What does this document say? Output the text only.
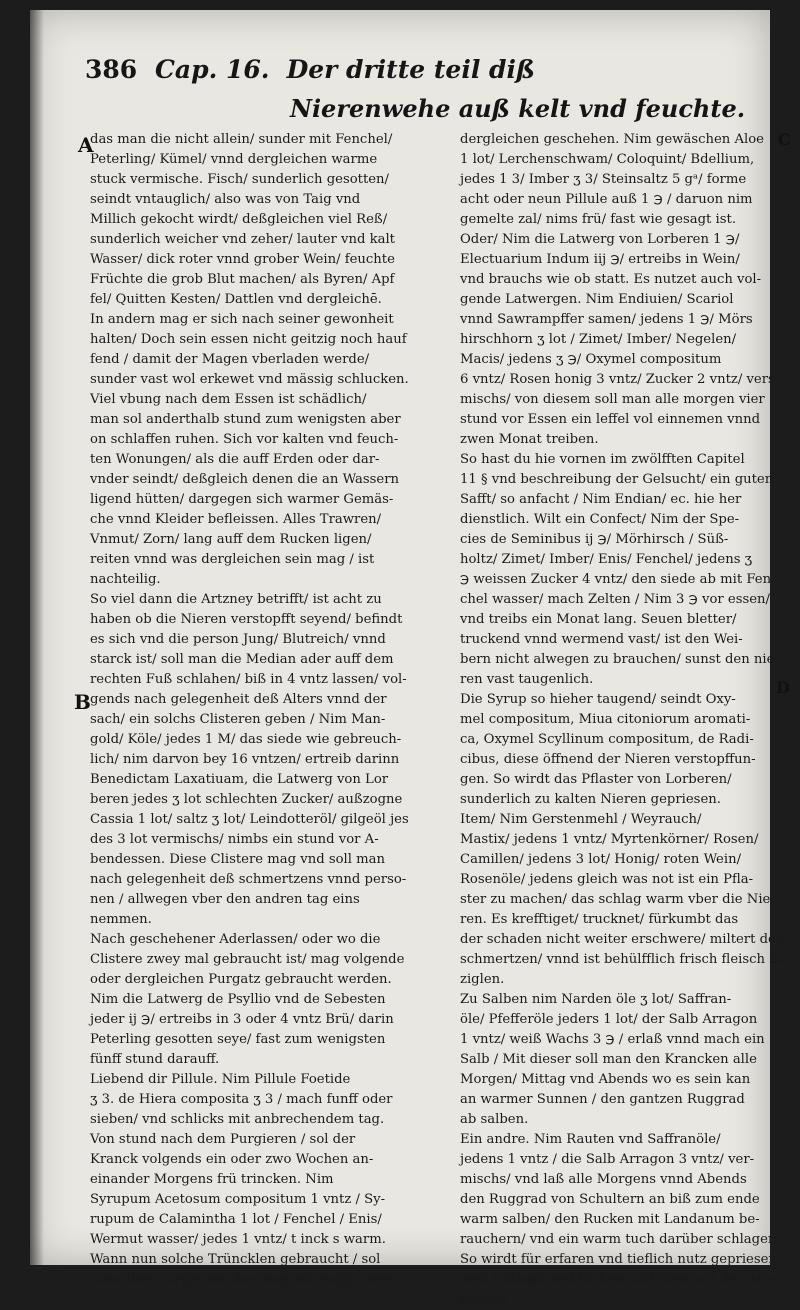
386 Cap. 16. Der dritte teil diß
Nierenwehe auß kelt vnd feuchte.
A
B
C
D
das man die nicht allein/ sunder mit Fenchel/
Peterling/ Kümel/ vnnd dergleichen warme
stuck vermische. Fisch/ sunderlich gesotten/
seindt vntauglich/ also was von Taig vnd
Millich gekocht wirdt/ deßgleichen viel Reß/
sunderlich weicher vnd zeher/ lauter vnd kalt
Wasser/ dick roter vnnd grober Wein/ feuchte
Früchte die grob Blut machen/ als Byren/ Apf
fel/ Quitten Kesten/ Dattlen vnd dergleichē.
In andern mag er sich nach seiner gewonheit
halten/ Doch sein essen nicht geitzig noch hauf
fend / damit der Magen vberladen werde/
sunder vast wol erkewet vnd mässig schlucken.
Viel vbung nach dem Essen ist schädlich/
man sol anderthalb stund zum wenigsten aber
on schlaffen ruhen. Sich vor kalten vnd feuch-
ten Wonungen/ als die auff Erden oder dar-
vnder seindt/ deßgleich denen die an Wassern
ligend hütten/ dargegen sich warmer Gemäs-
che vnnd Kleider befleissen. Alles Trawren/
Vnmut/ Zorn/ lang auff dem Rucken ligen/
reiten vnnd was dergleichen sein mag / ist
nachteilig.
So viel dann die Artzney betrifft/ ist acht zu
haben ob die Nieren verstopfft seyend/ befindt
es sich vnd die person Jung/ Blutreich/ vnnd
starck ist/ soll man die Median ader auff dem
rechten Fuß schlahen/ biß in 4 vntz lassen/ vol-
gends nach gelegenheit deß Alters vnnd der
sach/ ein solchs Clisteren geben / Nim Man-
gold/ Köle/ jedes 1 M/ das siede wie gebreuch-
lich/ nim darvon bey 16 vntzen/ ertreib darinn
Benedictam Laxatiuam, die Latwerg von Lor
beren jedes ʒ lot schlechten Zucker/ außzogne
Cassia 1 lot/ saltz ʒ lot/ Leindotteröl/ gilgeöl jes
des 3 lot vermischs/ nimbs ein stund vor A-
bendessen. Diese Clistere mag vnd soll man
nach gelegenheit deß schmertzens vnnd perso-
nen / allwegen vber den andren tag eins
nemmen.
Nach geschehener Aderlassen/ oder wo die
Clistere zwey mal gebraucht ist/ mag volgende
oder dergleichen Purgatz gebraucht werden.
Nim die Latwerg de Psyllio vnd de Sebesten
jeder ij ℈/ ertreibs in 3 oder 4 vntz Brü/ darin
Peterling gesotten seye/ fast zum wenigsten
fünff stund darauff.
Liebend dir Pillule. Nim Pillule Foetide
ʒ 3. de Hiera composita ʒ 3 / mach funff oder
sieben/ vnd schlicks mit anbrechendem tag.
Von stund nach dem Purgieren / sol der
Kranck volgends ein oder zwo Wochen an-
einander Morgens frü trincken. Nim
Syrupum Acetosum compositum 1 vntz / Sy-
rupum de Calamintha 1 lot / Fenchel / Enis/
Wermut wasser/ jedes 1 vntz/ t inck s warm.
Wann nun solche Trüncklen gebraucht / sol
man aber purgieren/ das mag wie volgt/ oder
dergleichen geschehen. Nim gewäschen Aloe
1 lot/ Lerchenschwam/ Coloquint/ Bdellium,
jedes 1 3/ Imber ʒ 3/ Steinsaltz 5 gᵃ/ forme
acht oder neun Pillule auß 1 ℈ / daruon nim
gemelte zal/ nims frü/ fast wie gesagt ist.
Oder/ Nim die Latwerg von Lorberen 1 ℈/
Electuarium Indum iij ℈/ ertreibs in Wein/
vnd brauchs wie ob statt. Es nutzet auch vol-
gende Latwergen. Nim Endiuien/ Scariol
vnnd Sawrampffer samen/ jedens 1 ℈/ Mörs
hirschhorn ʒ lot / Zimet/ Imber/ Negelen/
Macis/ jedens ʒ ℈/ Oxymel compositum
6 vntz/ Rosen honig 3 vntz/ Zucker 2 vntz/ vers
mischs/ von diesem soll man alle morgen vier
stund vor Essen ein leffel vol einnemen vnnd
zwen Monat treiben.
So hast du hie vornen im zwölfften Capitel
11 § vnd beschreibung der Gelsucht/ ein guten
Safft/ so anfacht / Nim Endian/ ec. hie her
dienstlich. Wilt ein Confect/ Nim der Spe-
cies de Seminibus ij ℈/ Mörhirsch / Süß-
holtz/ Zimet/ Imber/ Enis/ Fenchel/ jedens ʒ
℈ weissen Zucker 4 vntz/ den siede ab mit Fen
chel wasser/ mach Zelten / Nim 3 ℈ vor essen/
vnd treibs ein Monat lang. Seuen bletter/
truckend vnnd wermend vast/ ist den Wei-
bern nicht alwegen zu brauchen/ sunst den nie-
ren vast taugenlich.
Die Syrup so hieher taugend/ seindt Oxy-
mel compositum, Miua citoniorum aromati-
ca, Oxymel Scyllinum compositum, de Radi-
cibus, diese öffnend der Nieren verstopffun-
gen. So wirdt das Pflaster von Lorberen/
sunderlich zu kalten Nieren gepriesen.
Item/ Nim Gerstenmehl / Weyrauch/
Mastix/ jedens 1 vntz/ Myrtenkörner/ Rosen/
Camillen/ jedens 3 lot/ Honig/ roten Wein/
Rosenöle/ jedens gleich was not ist ein Pfla-
ster zu machen/ das schlag warm vber die Nie-
ren. Es krefftiget/ trucknet/ fürkumbt das
der schaden nicht weiter erschwere/ miltert den
schmertzen/ vnnd ist behülfflich frisch fleisch zu
ziglen.
Zu Salben nim Narden öle ʒ lot/ Saffran-
öle/ Pfefferöle jeders 1 lot/ der Salb Arragon
1 vntz/ weiß Wachs 3 ℈ / erlaß vnnd mach ein
Salb / Mit dieser soll man den Krancken alle
Morgen/ Mittag vnd Abends wo es sein kan
an warmer Sunnen / den gantzen Ruggrad
ab salben.
Ein andre. Nim Rauten vnd Saffranöle/
jedens 1 vntz / die Salb Arragon 3 vntz/ ver-
mischs/ vnd laß alle Morgens vnnd Abends
den Ruggrad von Schultern an biß zum ende
warm salben/ den Rucken mit Landanum be-
rauchern/ vnd ein warm tuch darüber schlagen.
So wirdt für erfaren vnd tieflich nutz gepriesen/
sen/ Laßkopf vnd bicken auff diese ort der Are-
backen
